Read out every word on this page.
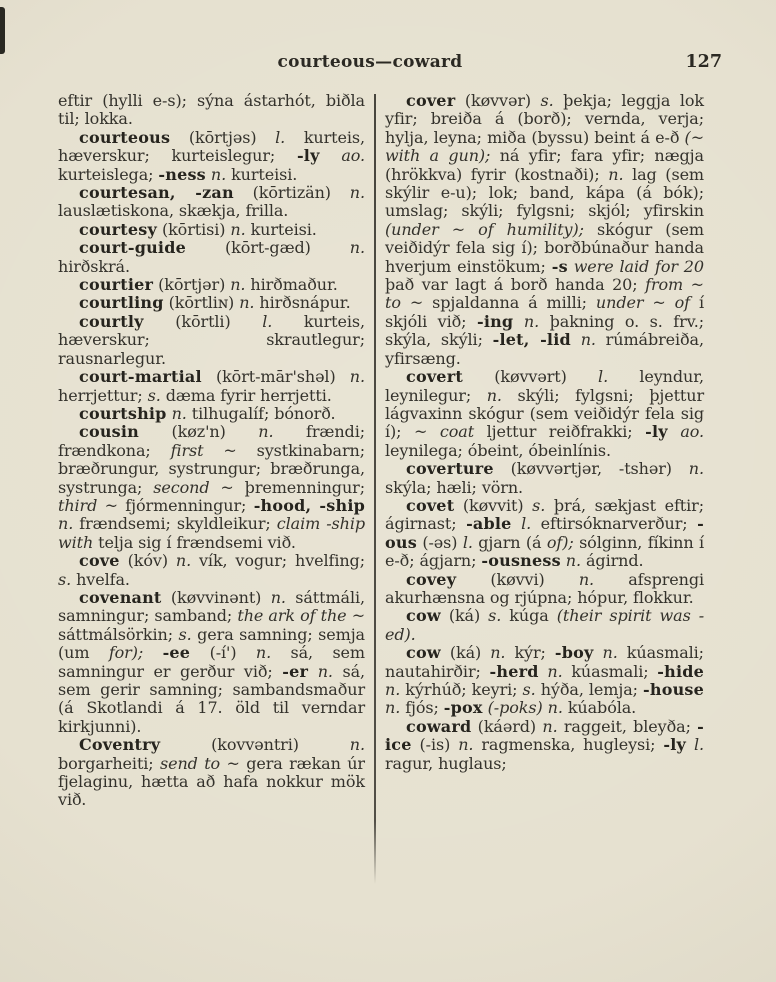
courteous—coward	127

eftir (hylli e-s); sýna ástarhót, biðla til; lokka.

courteous (kōrtjəs) l. kurteis, hæverskur; kurteislegur; -ly ao. kurteislega; -ness n. kurteisi.

courtesan, -zan (kōrtizän) n. lauslætiskona, skækja, frilla.

courtesy (kōrtisi) n. kurteisi.

court-guide (kōrt-gæd) n. hirðskrá.

courtier (kōrtjər) n. hirðmaður.

courtling (kōrtliɴ) n. hirðsnápur.

courtly (kōrtli) l. kurteis, hæverskur; skrautlegur; rausnarlegur.

court-martial (kōrt-mār'shəl) n. herrjettur; s. dæma fyrir herrjetti.

courtship n. tilhugalíf; bónorð.

cousin (køz'n) n. frændi; frændkona; first ~ systkinabarn; bræðrungur, systrungur; bræðrunga, systrunga; second ~ þremenningur; third ~ fjórmenningur; -hood, -ship n. frændsemi; skyldleikur; claim -ship with telja sig í frændsemi við.

cove (kóv) n. vík, vogur; hvelfing; s. hvelfa.

covenant (køvvinənt) n. sáttmáli, samningur; samband; the ark of the ~ sáttmálsörkin; s. gera samning; semja (um for); -ee (-í') n. sá, sem samningur er gerður við; -er n. sá, sem gerir samning; sambandsmaður (á Skotlandi á 17. öld til verndar kirkjunni).

Coventry (kovvəntri) n. borgarheiti; send to ~ gera rækan úr fjelaginu, hætta að hafa nokkur mök við.

cover (køvvər) s. þekja; leggja lok yfir; breiða á (borð); vernda, verja; hylja, leyna; miða (byssu) beint á e-ð (~ with a gun); ná yfir; fara yfir; nægja (hrökkva) fyrir (kostnaði); n. lag (sem skýlir e-u); lok; band, kápa (á bók); umslag; skýli; fylgsni; skjól; yfirskin (under ~ of humility); skógur (sem veiðidýr fela sig í); borðbúnaður handa hverjum einstökum; -s were laid for 20 það var lagt á borð handa 20; from ~ to ~ spjaldanna á milli; under ~ of í skjóli við; -ing n. þakning o. s. frv.; skýla, skýli; -let, -lid n. rúmábreiða, yfirsæng.

covert (køvvərt) l. leyndur, leynilegur; n. skýli; fylgsni; þjettur lágvaxinn skógur (sem veiðidýr fela sig í); ~ coat ljettur reiðfrakki; -ly ao. leynilega; óbeint, óbeinlínis.

coverture (køvvərtjər, -tshər) n. skýla; hæli; vörn.

covet (køvvit) s. þrá, sækjast eftir; ágirnast; -able l. eftirsóknarverður; -ous (-əs) l. gjarn (á of); sólginn, fíkinn í e-ð; ágjarn; -ousness n. ágirnd.

covey (køvvi) n. afsprengi akurhænsna og rjúpna; hópur, flokkur.

cow (ká) s. kúga (their spirit was -ed).

cow (ká) n. kýr; -boy n. kúasmali; nautahirðir; -herd n. kúasmali; -hide n. kýrhúð; keyri; s. hýða, lemja; -house n. fjós; -pox (-poks) n. kúabóla.

coward (káərd) n. raggeit, bleyða; -ice (-is) n. ragmenska, hugleysi; -ly l. ragur, huglaus;
